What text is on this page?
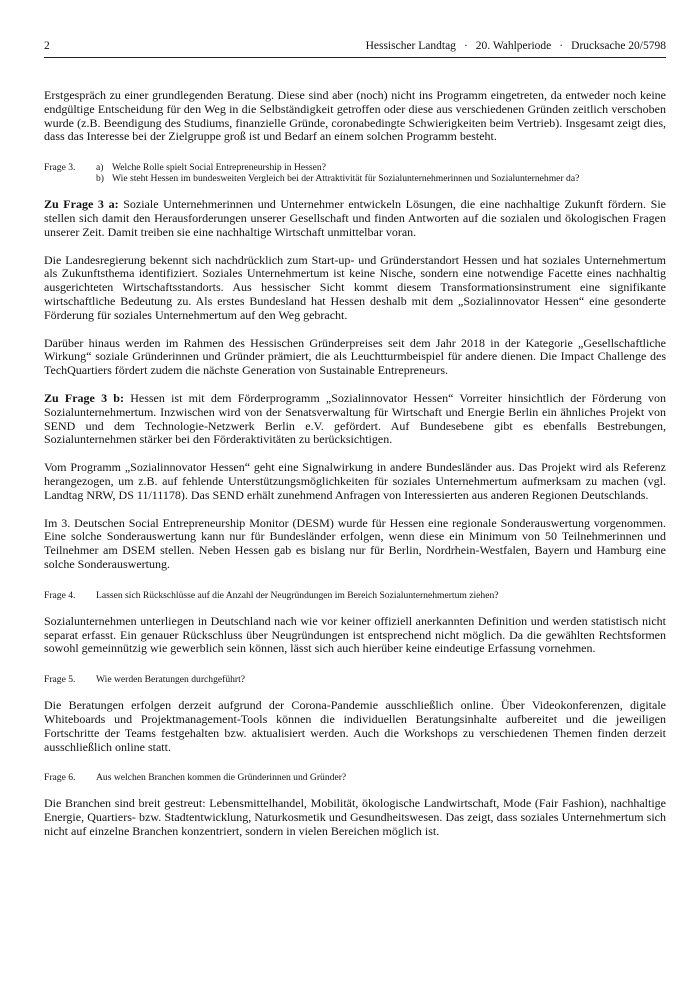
2	Hessischer Landtag · 20. Wahlperiode · Drucksache 20/5798

Erstgespräch zu einer grundlegenden Beratung. Diese sind aber (noch) nicht ins Programm eingetreten, da entweder noch keine endgültige Entscheidung für den Weg in die Selbständigkeit getroffen oder diese aus verschiedenen Gründen zeitlich verschoben wurde (z.B. Beendigung des Studiums, finanzielle Gründe, coronabedingte Schwierigkeiten beim Vertrieb). Insgesamt zeigt dies, dass das Interesse bei der Zielgruppe groß ist und Bedarf an einem solchen Programm besteht.

Frage 3.	a) Welche Rolle spielt Social Entrepreneurship in Hessen?
b) Wie steht Hessen im bundesweiten Vergleich bei der Attraktivität für Sozialunternehmerinnen und Sozialunternehmer da?

Zu Frage 3 a: Soziale Unternehmerinnen und Unternehmer entwickeln Lösungen, die eine nachhaltige Zukunft fördern. Sie stellen sich damit den Herausforderungen unserer Gesellschaft und finden Antworten auf die sozialen und ökologischen Fragen unserer Zeit. Damit treiben sie eine nachhaltige Wirtschaft unmittelbar voran.

Die Landesregierung bekennt sich nachdrücklich zum Start-up- und Gründerstandort Hessen und hat soziales Unternehmertum als Zukunftsthema identifiziert. Soziales Unternehmertum ist keine Nische, sondern eine notwendige Facette eines nachhaltig ausgerichteten Wirtschaftsstandorts. Aus hessischer Sicht kommt diesem Transformationsinstrument eine signifikante wirtschaftliche Bedeutung zu. Als erstes Bundesland hat Hessen deshalb mit dem „Sozialinnovator Hessen“ eine gesonderte Förderung für soziales Unternehmertum auf den Weg gebracht.

Darüber hinaus werden im Rahmen des Hessischen Gründerpreises seit dem Jahr 2018 in der Kategorie „Gesellschaftliche Wirkung“ soziale Gründerinnen und Gründer prämiert, die als Leuchtturmbeispiel für andere dienen. Die Impact Challenge des TechQuartiers fördert zudem die nächste Generation von Sustainable Entrepreneurs.

Zu Frage 3 b: Hessen ist mit dem Förderprogramm „Sozialinnovator Hessen“ Vorreiter hinsichtlich der Förderung von Sozialunternehmertum. Inzwischen wird von der Senatsverwaltung für Wirtschaft und Energie Berlin ein ähnliches Projekt von SEND und dem Technologie-Netzwerk Berlin e.V. gefördert. Auf Bundesebene gibt es ebenfalls Bestrebungen, Sozialunternehmen stärker bei den Förderaktivitäten zu berücksichtigen.

Vom Programm „Sozialinnovator Hessen“ geht eine Signalwirkung in andere Bundesländer aus. Das Projekt wird als Referenz herangezogen, um z.B. auf fehlende Unterstützungsmöglichkeiten für soziales Unternehmertum aufmerksam zu machen (vgl. Landtag NRW, DS 11/11178). Das SEND erhält zunehmend Anfragen von Interessierten aus anderen Regionen Deutschlands.

Im 3. Deutschen Social Entrepreneurship Monitor (DESM) wurde für Hessen eine regionale Sonderauswertung vorgenommen. Eine solche Sonderauswertung kann nur für Bundesländer erfolgen, wenn diese ein Minimum von 50 Teilnehmerinnen und Teilnehmer am DSEM stellen. Neben Hessen gab es bislang nur für Berlin, Nordrhein-Westfalen, Bayern und Hamburg eine solche Sonderauswertung.

Frage 4.	Lassen sich Rückschlüsse auf die Anzahl der Neugründungen im Bereich Sozialunternehmertum ziehen?

Sozialunternehmen unterliegen in Deutschland nach wie vor keiner offiziell anerkannten Definition und werden statistisch nicht separat erfasst. Ein genauer Rückschluss über Neugründungen ist entsprechend nicht möglich. Da die gewählten Rechtsformen sowohl gemeinnützig wie gewerblich sein können, lässt sich auch hierüber keine eindeutige Erfassung vornehmen.

Frage 5.	Wie werden Beratungen durchgeführt?

Die Beratungen erfolgen derzeit aufgrund der Corona-Pandemie ausschließlich online. Über Videokonferenzen, digitale Whiteboards und Projektmanagement-Tools können die individuellen Beratungsinhalte aufbereitet und die jeweiligen Fortschritte der Teams festgehalten bzw. aktualisiert werden. Auch die Workshops zu verschiedenen Themen finden derzeit ausschließlich online statt.

Frage 6.	Aus welchen Branchen kommen die Gründerinnen und Gründer?

Die Branchen sind breit gestreut: Lebensmittelhandel, Mobilität, ökologische Landwirtschaft, Mode (Fair Fashion), nachhaltige Energie, Quartiers- bzw. Stadtentwicklung, Naturkosmetik und Gesundheitswesen. Das zeigt, dass soziales Unternehmertum sich nicht auf einzelne Branchen konzentriert, sondern in vielen Bereichen möglich ist.
